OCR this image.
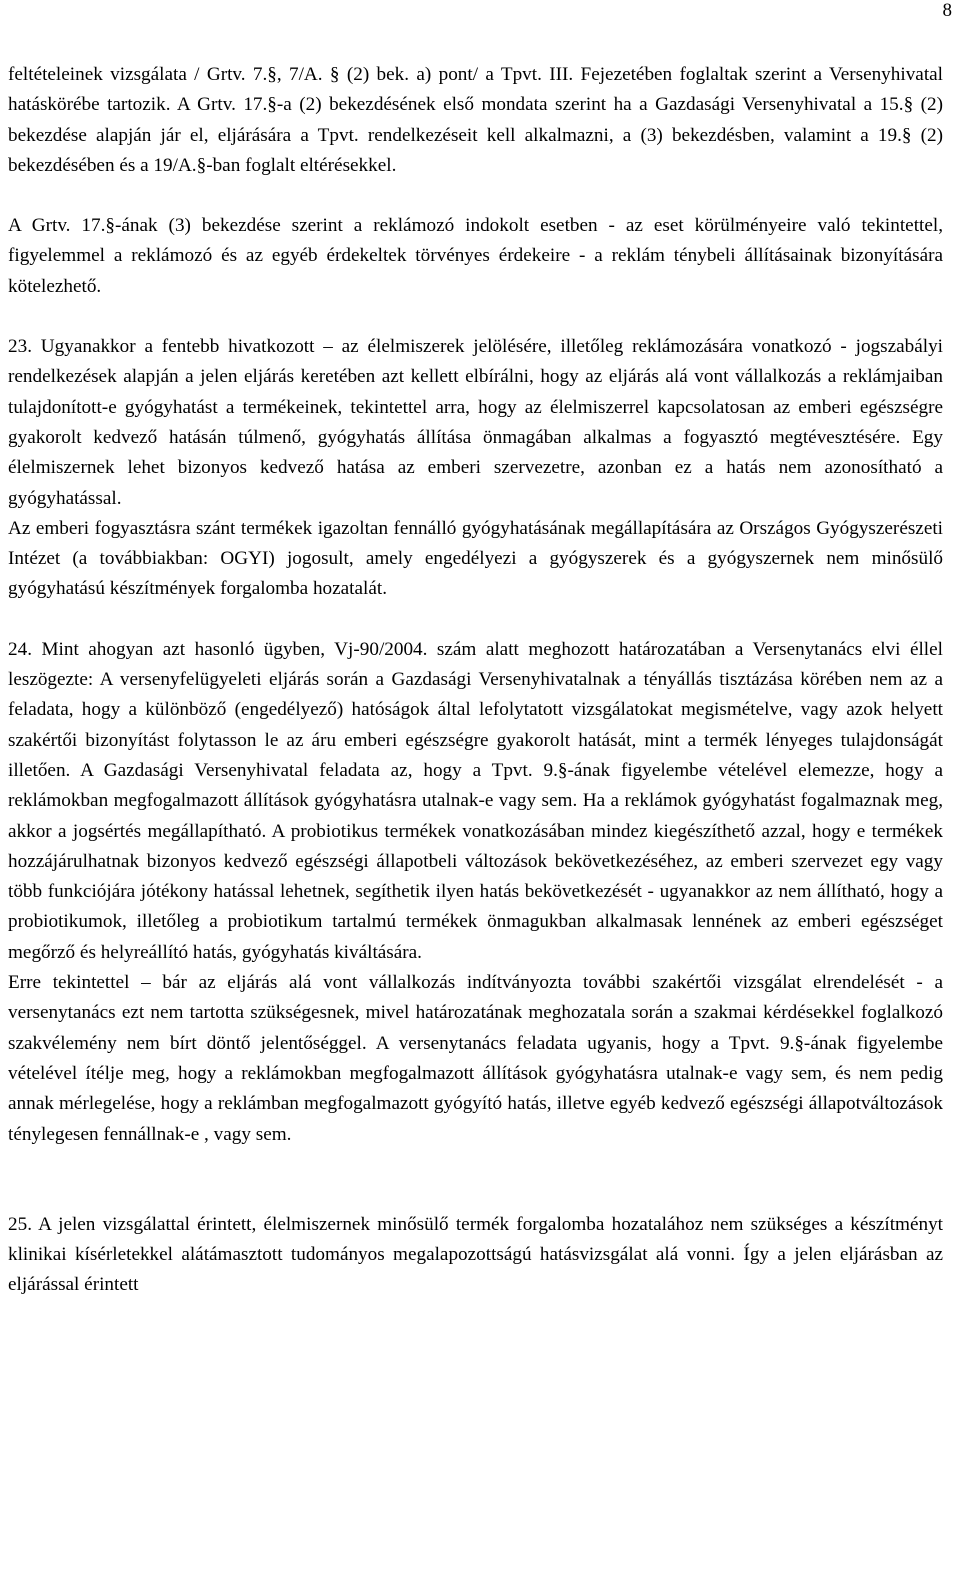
8

feltételeinek vizsgálata / Grtv. 7.§, 7/A. § (2) bek. a) pont/ a Tpvt. III. Fejezetében foglaltak szerint a Versenyhivatal hatáskörébe tartozik. A Grtv. 17.§-a (2) bekezdésének első mondata szerint ha a Gazdasági Versenyhivatal a 15.§ (2) bekezdése alapján jár el, eljárására a Tpvt. rendelkezéseit kell alkalmazni, a (3) bekezdésben, valamint a 19.§ (2) bekezdésében és a 19/A.§-ban foglalt eltérésekkel.

A Grtv. 17.§-ának (3) bekezdése szerint a reklámozó indokolt esetben - az eset körülményeire való tekintettel, figyelemmel a reklámozó és az egyéb érdekeltek törvényes érdekeire - a reklám ténybeli állításainak bizonyítására kötelezhető.

23. Ugyanakkor a fentebb hivatkozott – az élelmiszerek jelölésére, illetőleg reklámozására vonatkozó - jogszabályi rendelkezések alapján a jelen eljárás keretében azt kellett elbírálni, hogy az eljárás alá vont vállalkozás a reklámjaiban tulajdonított-e gyógyhatást a termékeinek, tekintettel arra, hogy az élelmiszerrel kapcsolatosan az emberi egészségre gyakorolt kedvező hatásán túlmenő, gyógyhatás állítása önmagában alkalmas a fogyasztó megtévesztésére. Egy élelmiszernek lehet bizonyos kedvező hatása az emberi szervezetre, azonban ez a hatás nem azonosítható a gyógyhatással.

Az emberi fogyasztásra szánt termékek igazoltan fennálló gyógyhatásának megállapítására az Országos Gyógyszerészeti Intézet (a továbbiakban: OGYI) jogosult, amely engedélyezi a gyógyszerek és a gyógyszernek nem minősülő gyógyhatású készítmények forgalomba hozatalát.

24. Mint ahogyan azt hasonló ügyben, Vj-90/2004. szám alatt meghozott határozatában a Versenytanács elvi éllel leszögezte: A versenyfelügyeleti eljárás során a Gazdasági Versenyhivatalnak a tényállás tisztázása körében nem az a feladata, hogy a különböző (engedélyező) hatóságok által lefolytatott vizsgálatokat megismételve, vagy azok helyett szakértői bizonyítást folytasson le az áru emberi egészségre gyakorolt hatását, mint a termék lényeges tulajdonságát illetően. A Gazdasági Versenyhivatal feladata az, hogy a Tpvt. 9.§-ának figyelembe vételével elemezze, hogy a reklámokban megfogalmazott állítások gyógyhatásra utalnak-e vagy sem. Ha a reklámok gyógyhatást fogalmaznak meg, akkor a jogsértés megállapítható. A probiotikus termékek vonatkozásában mindez kiegészíthető azzal, hogy e termékek hozzájárulhatnak bizonyos kedvező egészségi állapotbeli változások bekövetkezéséhez, az emberi szervezet egy vagy több funkciójára jótékony hatással lehetnek, segíthetik ilyen hatás bekövetkezését - ugyanakkor az nem állítható, hogy a probiotikumok, illetőleg a probiotikum tartalmú termékek önmagukban alkalmasak lennének az emberi egészséget megőrző és helyreállító hatás, gyógyhatás kiváltására.

Erre tekintettel – bár az eljárás alá vont vállalkozás indítványozta további szakértői vizsgálat elrendelését - a versenytanács ezt nem tartotta szükségesnek, mivel határozatának meghozatala során a szakmai kérdésekkel foglalkozó szakvélemény nem bírt döntő jelentőséggel. A versenytanács feladata ugyanis, hogy a Tpvt. 9.§-ának figyelembe vételével ítélje meg, hogy a reklámokban megfogalmazott állítások gyógyhatásra utalnak-e vagy sem, és nem pedig annak mérlegelése, hogy a reklámban megfogalmazott gyógyító hatás, illetve egyéb kedvező egészségi állapotváltozások ténylegesen fennállnak-e , vagy sem.

25. A jelen vizsgálattal érintett, élelmiszernek minősülő termék forgalomba hozatalához nem szükséges a készítményt klinikai kísérletekkel alátámasztott tudományos megalapozottságú hatásvizsgálat alá vonni. Így a jelen eljárásban az eljárással érintett
